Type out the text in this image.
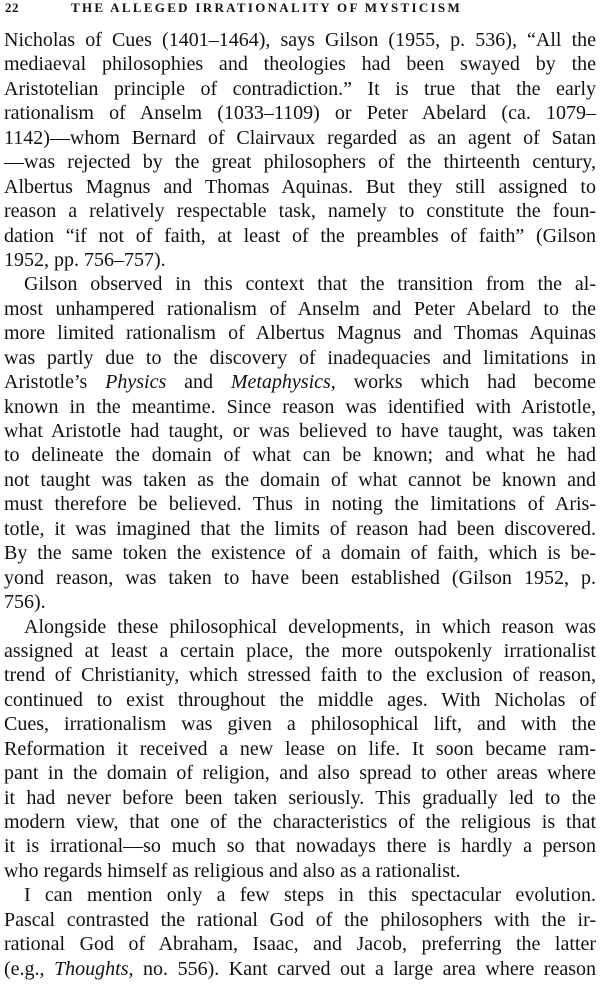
22	THE ALLEGED IRRATIONALITY OF MYSTICISM
Nicholas of Cues (1401–1464), says Gilson (1955, p. 536), “All the
mediaeval philosophies and theologies had been swayed by the
Aristotelian principle of contradiction.” It is true that the early
rationalism of Anselm (1033–1109) or Peter Abelard (ca. 1079–
1142)—whom Bernard of Clairvaux regarded as an agent of Satan
—was rejected by the great philosophers of the thirteenth century,
Albertus Magnus and Thomas Aquinas. But they still assigned to
reason a relatively respectable task, namely to constitute the foun-
dation “if not of faith, at least of the preambles of faith” (Gilson
1952, pp. 756–757).
Gilson observed in this context that the transition from the al-
most unhampered rationalism of Anselm and Peter Abelard to the
more limited rationalism of Albertus Magnus and Thomas Aquinas
was partly due to the discovery of inadequacies and limitations in
Aristotle’s Physics and Metaphysics, works which had become
known in the meantime. Since reason was identified with Aristotle,
what Aristotle had taught, or was believed to have taught, was taken
to delineate the domain of what can be known; and what he had
not taught was taken as the domain of what cannot be known and
must therefore be believed. Thus in noting the limitations of Aris-
totle, it was imagined that the limits of reason had been discovered.
By the same token the existence of a domain of faith, which is be-
yond reason, was taken to have been established (Gilson 1952, p.
756).
Alongside these philosophical developments, in which reason was
assigned at least a certain place, the more outspokenly irrationalist
trend of Christianity, which stressed faith to the exclusion of reason,
continued to exist throughout the middle ages. With Nicholas of
Cues, irrationalism was given a philosophical lift, and with the
Reformation it received a new lease on life. It soon became ram-
pant in the domain of religion, and also spread to other areas where
it had never before been taken seriously. This gradually led to the
modern view, that one of the characteristics of the religious is that
it is irrational—so much so that nowadays there is hardly a person
who regards himself as religious and also as a rationalist.
I can mention only a few steps in this spectacular evolution.
Pascal contrasted the rational God of the philosophers with the ir-
rational God of Abraham, Isaac, and Jacob, preferring the latter
(e.g., Thoughts, no. 556). Kant carved out a large area where reason
